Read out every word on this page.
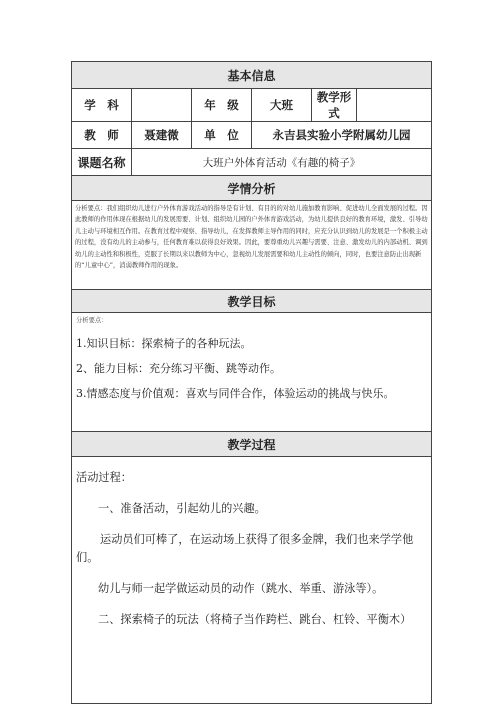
基本信息					
学　科		年　级	大班	教学形式	
教　师	聂建微	单　位	永吉县实验小学附属幼儿园		
课题名称	大班户外体育活动《有趣的椅子》				
学情分析					
分析要点：我们组织幼儿进行户外体育游戏活动的指导是有计划、有目的的对幼儿施加教育影响、促进幼儿全面发展的过程。因此教师的作用体现在根据幼儿的发展需要、计划、组织幼儿园的户外体育游戏活动，为幼儿提供良好的教育环境，激发、引导幼儿主动与环境相互作用。在教育过程中观察、指导幼儿，在发挥教师主导作用的同时，应充分认识到幼儿的发展是一个积极主动的过程，没有幼儿的主动参与，任何教育难以获得良好效果。因此，要尊重幼儿兴趣与需要、注意、激发幼儿的内部动机、调到幼儿的主动性和积极性，克服了长期以来以教师为中心，忽视幼儿发展需要和幼儿主动性的倾向，同时，也要注意防止出现新的“儿童中心”，消弱教师作用的现象。					
教学目标					

分析要点：
1.知识目标：探索椅子的各种玩法。
2、能力目标：充分练习平衡、跳等动作。
3.情感态度与价值观：喜欢与同伴合作，体验运动的挑战与快乐。					

教学过程					

活动过程：

一、准备活动，引起幼儿的兴趣。

运动员们可棒了，在运动场上获得了很多金牌，我们也来学学他们。

幼儿与师一起学做运动员的动作（跳水、举重、游泳等）。

二、探索椅子的玩法（将椅子当作跨栏、跳台、杠铃、平衡木）					
